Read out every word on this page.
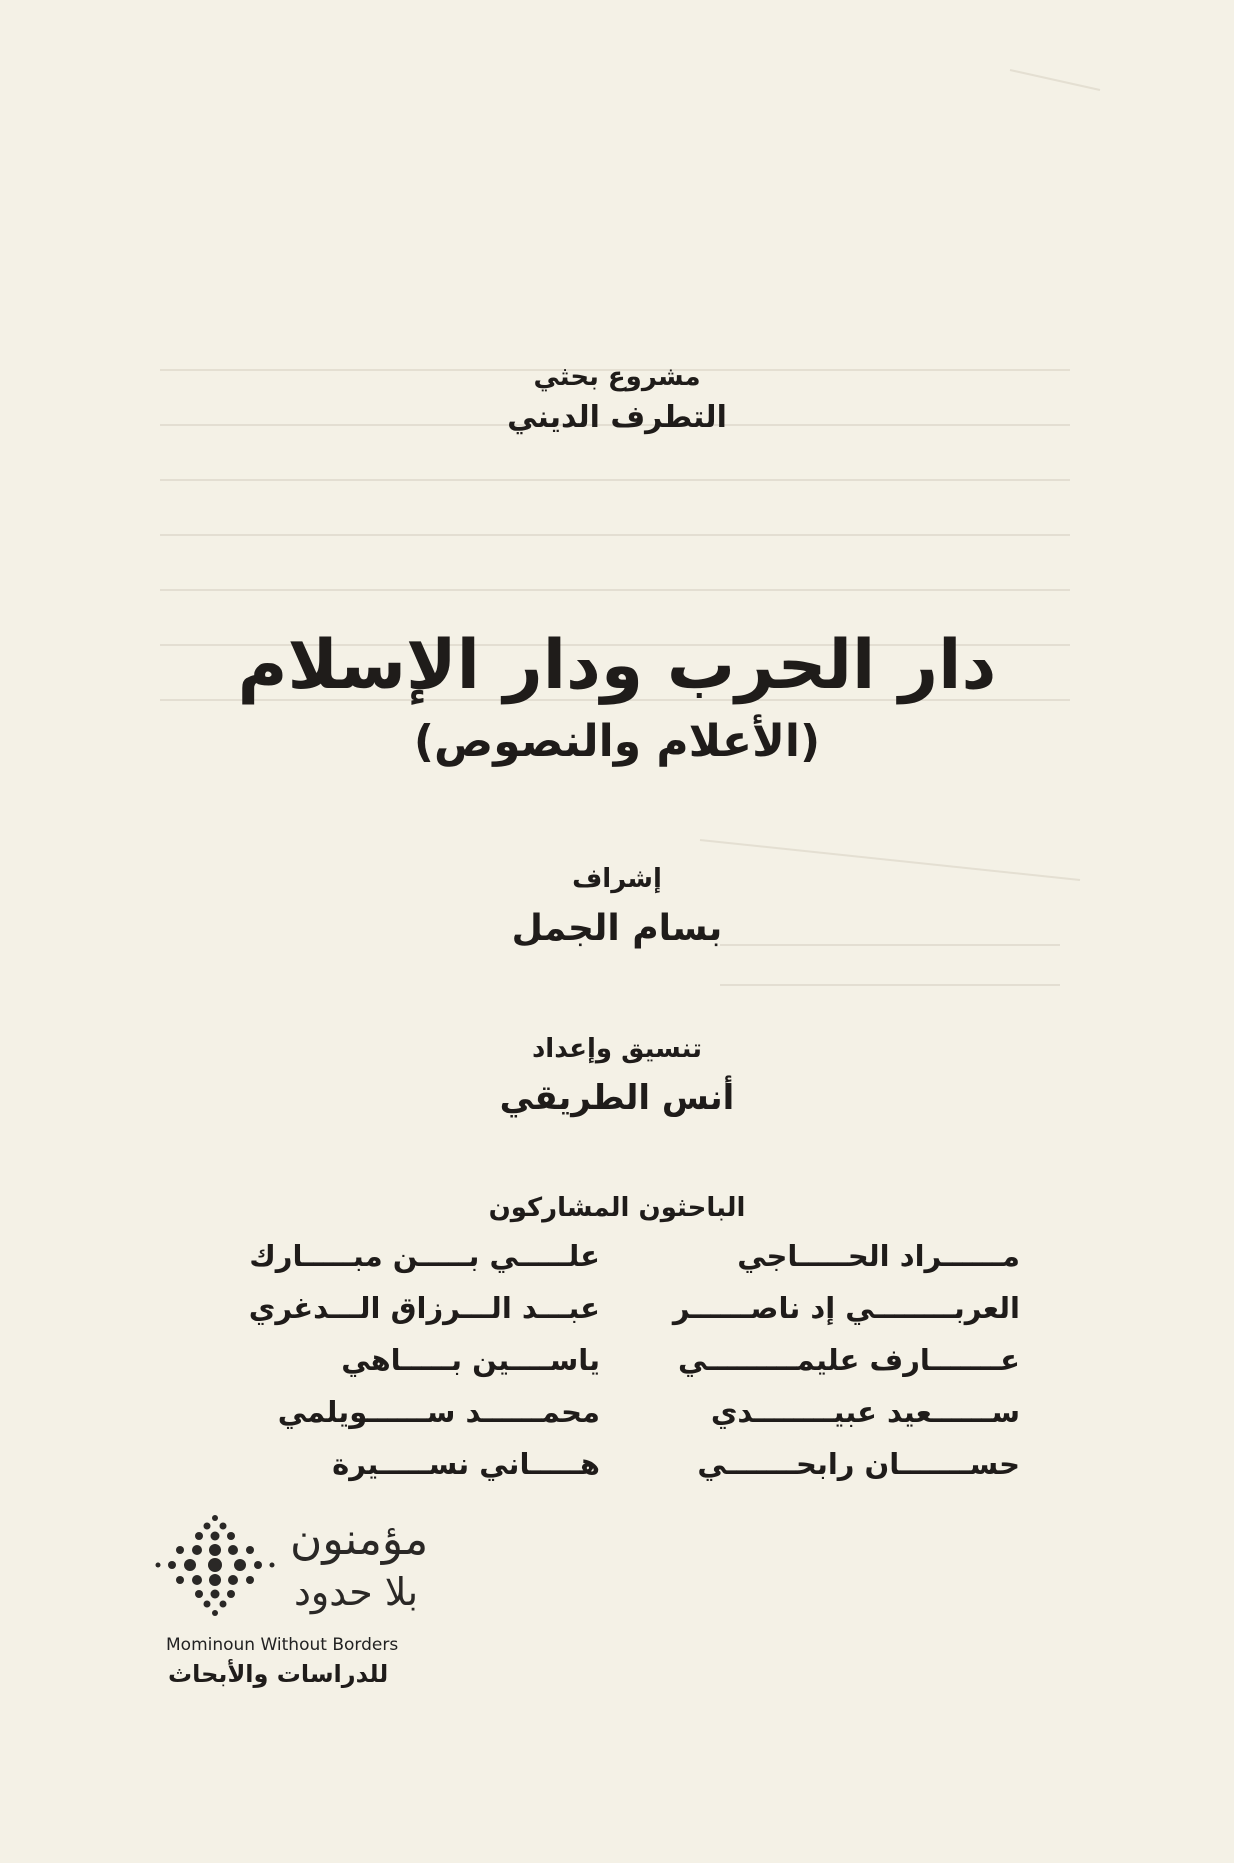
مشروع بحثي
التطرف الديني
دار الحرب ودار الإسلام
(الأعلام والنصوص)
إشراف
بسام الجمل
تنسيق وإعداد
أنس الطريقي
الباحثون المشاركون
مــــــراد الحـــــاجي
العربــــــــي إد ناصــــــر
عـــــــارف عليمـــــــــي
ســــــعيد عبيــــــــدي
حســـــــان رابحـــــــي
علـــــي بـــــن مبـــــارك
عبـــد الـــرزاق الـــدغري
ياســــين بـــــاهي
محمــــــد ســــــويلمي
هـــــاني نســـــيرة
مؤمنون
بلا حدود
Mominoun Without Borders
للدراسات والأبحاث
